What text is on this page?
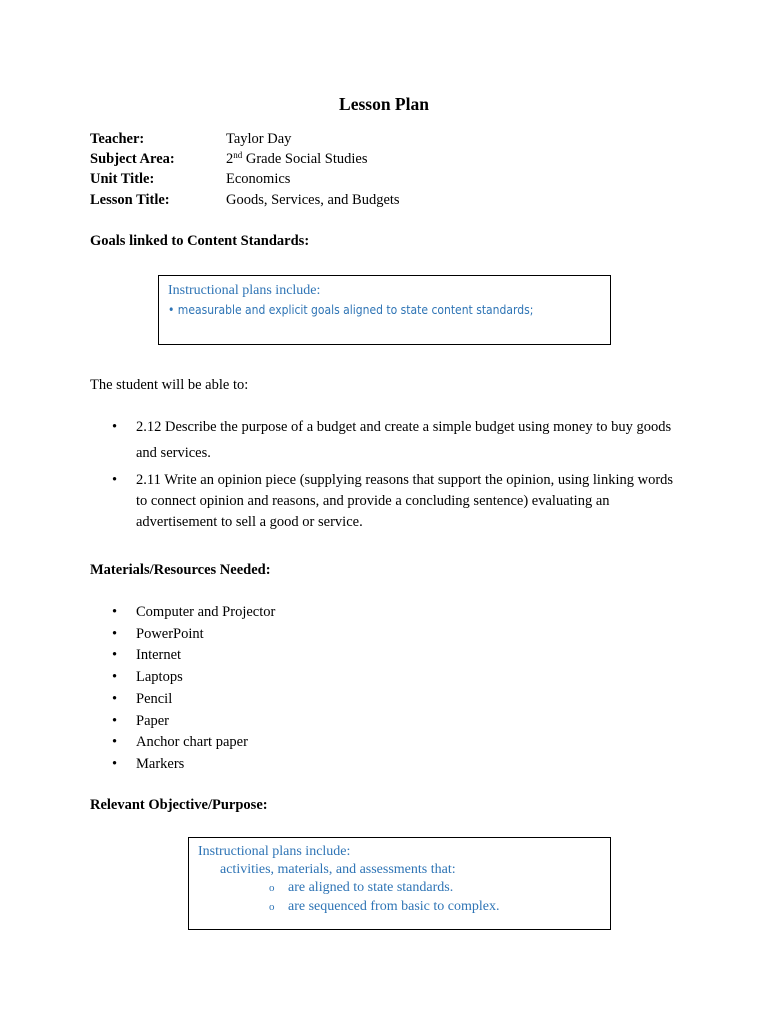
Lesson Plan
Teacher:	Taylor Day
Subject Area:	2nd Grade Social Studies
Unit Title:	Economics
Lesson Title:	Goods, Services, and Budgets
Goals linked to Content Standards:
Instructional plans include:
• measurable and explicit goals aligned to state content standards;
The student will be able to:
•	2.12 Describe the purpose of a budget and create a simple budget using money to buy goods and services.
•	2.11 Write an opinion piece (supplying reasons that support the opinion, using linking words to connect opinion and reasons, and provide a concluding sentence) evaluating an advertisement to sell a good or service.
Materials/Resources Needed:
•	Computer and Projector
•	PowerPoint
•	Internet
•	Laptops
•	Pencil
•	Paper
•	Anchor chart paper
•	Markers
Relevant Objective/Purpose:
Instructional plans include:
activities, materials, and assessments that:
o are aligned to state standards.
o are sequenced from basic to complex.
